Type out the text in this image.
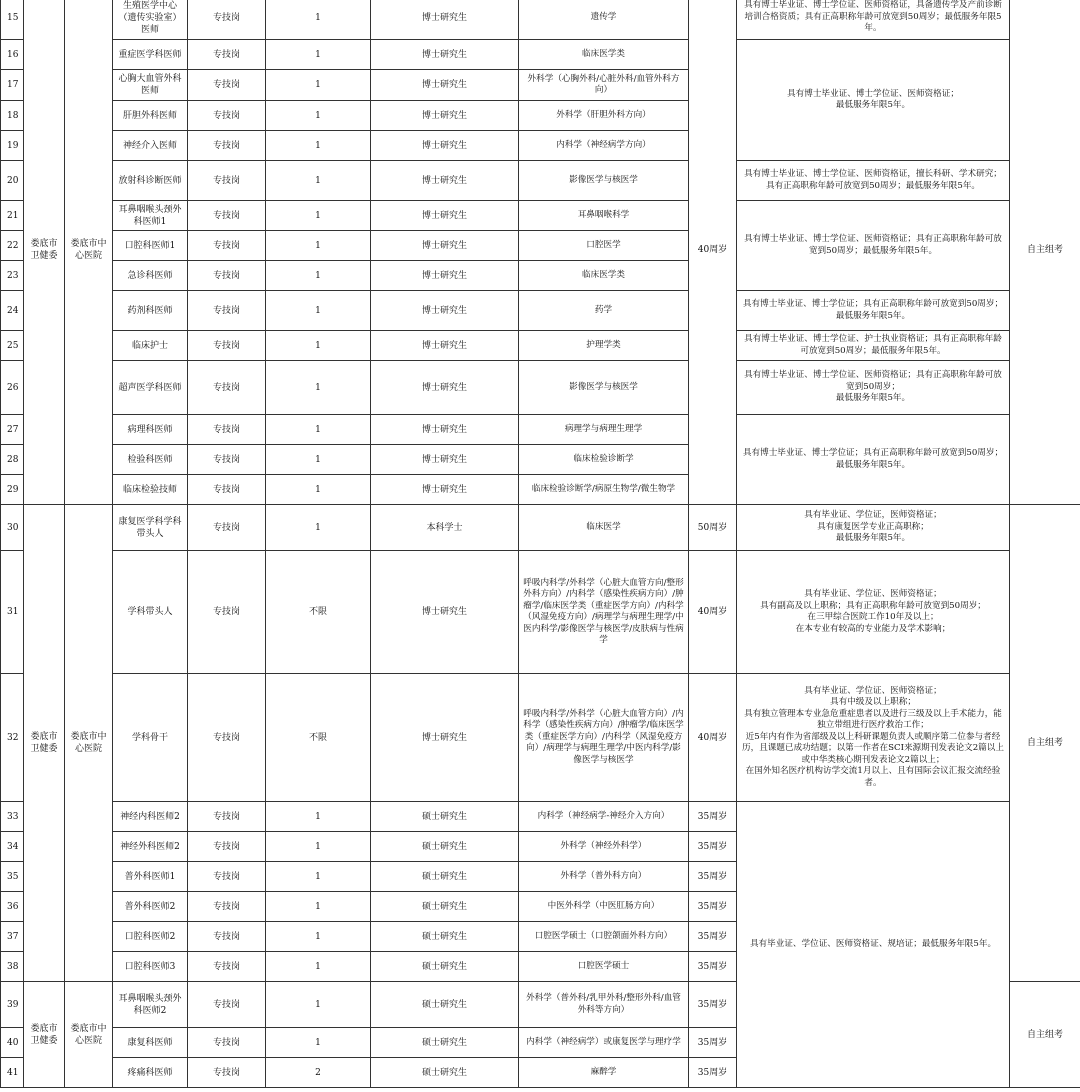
15	娄底市卫健委	娄底市中心医院	生殖医学中心（遗传实验室）医师	专技岗	1	博士研究生	遗传学	40周岁	具有博士毕业证、博士学位证、医师资格证，具备遗传学及产前诊断培训合格资质；具有正高职称年龄可放宽到50周岁；最低服务年限5年。	自主组考
16			重症医学科医师	专技岗	1	博士研究生	临床医学类		具有博士毕业证、博士学位证、医师资格证；
最低服务年限5年。	

17			心胸大血管外科医师	专技岗	1	博士研究生	外科学（心胸外科/心脏外科/血管外科方向）			
18			肝胆外科医师	专技岗	1	博士研究生	外科学（肝胆外科方向）			
19			神经介入医师	专技岗	1	博士研究生	内科学（神经病学方向）			
20			放射科诊断医师	专技岗	1	博士研究生	影像医学与核医学		具有博士毕业证、博士学位证、医师资格证，擅长科研、学术研究；具有正高职称年龄可放宽到50周岁；最低服务年限5年。	

21			耳鼻咽喉头颈外科医师1	专技岗	1	博士研究生	耳鼻咽喉科学		具有博士毕业证、博士学位证、医师资格证；具有正高职称年龄可放宽到50周岁；最低服务年限5年。	

22			口腔科医师1	专技岗	1	博士研究生	口腔医学			
23			急诊科医师	专技岗	1	博士研究生	临床医学类			
24			药剂科医师	专技岗	1	博士研究生	药学		具有博士毕业证、博士学位证；具有正高职称年龄可放宽到50周岁；
最低服务年限5年。	

25			临床护士	专技岗	1	博士研究生	护理学类		具有博士毕业证、博士学位证、护士执业资格证；具有正高职称年龄可放宽到50周岁；最低服务年限5年。	

26			超声医学科医师	专技岗	1	博士研究生	影像医学与核医学		具有博士毕业证、博士学位证、医师资格证；具有正高职称年龄可放宽到50周岁；
最低服务年限5年。	

27			病理科医师	专技岗	1	博士研究生	病理学与病理生理学		具有博士毕业证、博士学位证；具有正高职称年龄可放宽到50周岁；最低服务年限5年。	

28			检验科医师	专技岗	1	博士研究生	临床检验诊断学			
29			临床检验技师	专技岗	1	博士研究生	临床检验诊断学/病原生物学/微生物学			
30	娄底市卫健委	娄底市中心医院	康复医学科学科带头人	专技岗	1	本科学士	临床医学	50周岁	具有毕业证、学位证，医师资格证；
具有康复医学专业正高职称；
最低服务年限5年。	自主组考
31			学科带头人	专技岗	不限	博士研究生	呼吸内科学/外科学（心脏大血管方向/整形外科方向）/内科学（感染性疾病方向）/肿瘤学/临床医学类（重症医学方向）/内科学（风湿免疫方向）/病理学与病理生理学/中医内科学/影像医学与核医学/皮肤病与性病学	40周岁	具有毕业证、学位证、医师资格证；
具有副高及以上职称；具有正高职称年龄可放宽到50周岁；
在三甲综合医院工作10年及以上；
在本专业有较高的专业能力及学术影响；	

32			学科骨干	专技岗	不限	博士研究生	呼吸内科学/外科学（心脏大血管方向）/内科学（感染性疾病方向）/肿瘤学/临床医学类（重症医学方向）/内科学（风湿免疫方向）/病理学与病理生理学/中医内科学/影像医学与核医学	40周岁	具有毕业证、学位证、医师资格证；
具有中级及以上职称；
具有独立管理本专业急危重症患者以及进行三级及以上手术能力，能独立带组进行医疗救治工作；
近5年内有作为省部级及以上科研课题负责人或顺序第二位参与者经历，且课题已成功结题；以第一作者在SCI来源期刊发表论文2篇以上或中华类核心期刊发表论文2篇以上；
在国外知名医疗机构访学交流1月以上、且有国际会议汇报交流经验者。	

33			神经内科医师2	专技岗	1	硕士研究生	内科学（神经病学-神经介入方向）	35周岁	具有毕业证、学位证、医师资格证、规培证；最低服务年限5年。	

34			神经外科医师2	专技岗	1	硕士研究生	外科学（神经外科学）	35周岁		
35			普外科医师1	专技岗	1	硕士研究生	外科学（普外科方向）	35周岁		
36			普外科医师2	专技岗	1	硕士研究生	中医外科学（中医肛肠方向）	35周岁		
37			口腔科医师2	专技岗	1	硕士研究生	口腔医学硕士（口腔颌面外科方向）	35周岁		
38			口腔科医师3	专技岗	1	硕士研究生	口腔医学硕士	35周岁		
39	娄底市卫健委	娄底市中心医院	耳鼻咽喉头颈外科医师2	专技岗	1	硕士研究生	外科学（普外科/乳甲外科/整形外科/血管外科等方向）	35周岁		自主组考
40			康复科医师	专技岗	1	硕士研究生	内科学（神经病学）或康复医学与理疗学	35周岁		
41			疼痛科医师	专技岗	2	硕士研究生	麻醉学	35周岁		
